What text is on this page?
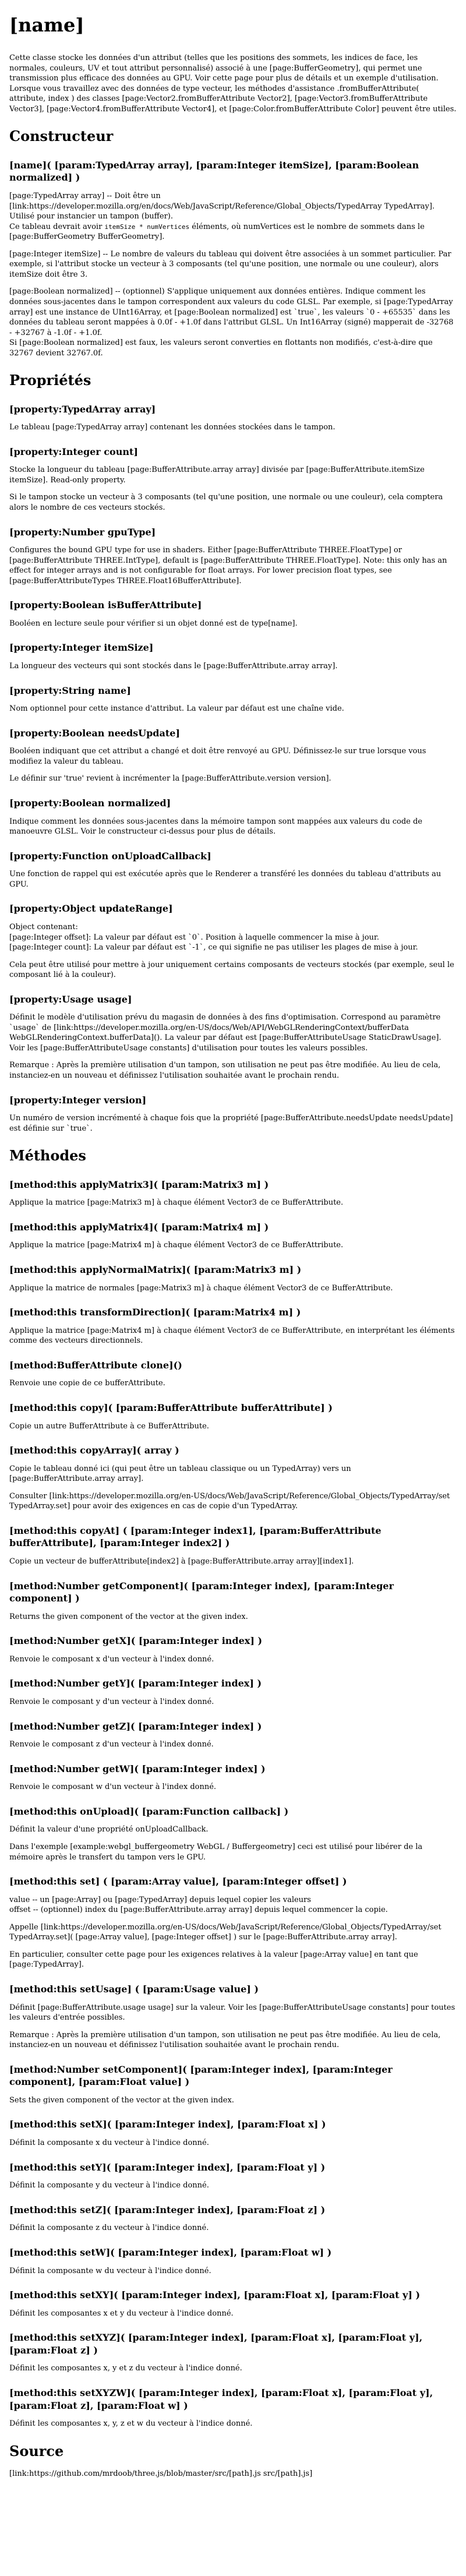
[name]

Cette classe stocke les données d'un attribut (telles que les positions des sommets, les indices de face, les normales, couleurs, UV et tout attribut personnalisé) associé à une [page:BufferGeometry], qui permet une transmission plus efficace des données au GPU. Voir cette page pour plus de détails et un exemple d'utilisation. Lorsque vous travaillez avec des données de type vecteur, les méthodes d'assistance .fromBufferAttribute( attribute, index ) des classes [page:Vector2.fromBufferAttribute Vector2], [page:Vector3.fromBufferAttribute Vector3], [page:Vector4.fromBufferAttribute Vector4], et [page:Color.fromBufferAttribute Color] peuvent être utiles.

Constructeur
[name]( [param:TypedArray array], [param:Integer itemSize], [param:Boolean normalized] )

[page:TypedArray array] -- Doit être un [link:https://developer.mozilla.org/en/docs/Web/JavaScript/Reference/Global_Objects/TypedArray TypedArray]. Utilisé pour instancier un tampon (buffer).
Ce tableau devrait avoir itemSize * numVertices éléments, où numVertices est le nombre de sommets dans le [page:BufferGeometry BufferGeometry].

[page:Integer itemSize] -- Le nombre de valeurs du tableau qui doivent être associées à un sommet particulier. Par exemple, si l'attribut stocke un vecteur à 3 composants (tel qu'une position, une normale ou une couleur), alors itemSize doit être 3.

[page:Boolean normalized] -- (optionnel) S'applique uniquement aux données entières. Indique comment les données sous-jacentes dans le tampon correspondent aux valeurs du code GLSL. Par exemple, si [page:TypedArray array] est une instance de UInt16Array, et [page:Boolean normalized] est `true`, les valeurs `0 - +65535` dans les données du tableau seront mappées à 0.0f - +1.0f dans l'attribut GLSL. Un Int16Array (signé) mapperait de -32768 - +32767 à -1.0f - +1.0f.
Si [page:Boolean normalized] est faux, les valeurs seront converties en flottants non modifiés, c'est-à-dire que 32767 devient 32767.0f.

Propriétés
[property:TypedArray array]

Le tableau [page:TypedArray array] contenant les données stockées dans le tampon.

[property:Integer count]

Stocke la longueur du tableau [page:BufferAttribute.array array] divisée par [page:BufferAttribute.itemSize itemSize]. Read-only property.

Si le tampon stocke un vecteur à 3 composants (tel qu'une position, une normale ou une couleur), cela comptera alors le nombre de ces vecteurs stockés.

[property:Number gpuType]

Configures the bound GPU type for use in shaders. Either [page:BufferAttribute THREE.FloatType] or [page:BufferAttribute THREE.IntType], default is [page:BufferAttribute THREE.FloatType]. Note: this only has an effect for integer arrays and is not configurable for float arrays. For lower precision float types, see [page:BufferAttributeTypes THREE.Float16BufferAttribute].

[property:Boolean isBufferAttribute]

Booléen en lecture seule pour vérifier si un objet donné est de type[name].

[property:Integer itemSize]

La longueur des vecteurs qui sont stockés dans le [page:BufferAttribute.array array].

[property:String name]

Nom optionnel pour cette instance d'attribut. La valeur par défaut est une chaîne vide.

[property:Boolean needsUpdate]

Booléen indiquant que cet attribut a changé et doit être renvoyé au GPU. Définissez-le sur true lorsque vous modifiez la valeur du tableau.

Le définir sur 'true' revient à incrémenter la [page:BufferAttribute.version version].

[property:Boolean normalized]

Indique comment les données sous-jacentes dans la mémoire tampon sont mappées aux valeurs du code de manoeuvre GLSL. Voir le constructeur ci-dessus pour plus de détails.

[property:Function onUploadCallback]

Une fonction de rappel qui est exécutée après que le Renderer a transféré les données du tableau d'attributs au GPU.

[property:Object updateRange]

Object contenant:
[page:Integer offset]: La valeur par défaut est `0`. Position à laquelle commencer la mise à jour.
[page:Integer count]: La valeur par défaut est `-1`, ce qui signifie ne pas utiliser les plages de mise à jour.

Cela peut être utilisé pour mettre à jour uniquement certains composants de vecteurs stockés (par exemple, seul le composant lié à la couleur).

[property:Usage usage]

Définit le modèle d'utilisation prévu du magasin de données à des fins d'optimisation. Correspond au paramètre `usage` de [link:https://developer.mozilla.org/en-US/docs/Web/API/WebGLRenderingContext/bufferData WebGLRenderingContext.bufferData](). La valeur par défaut est [page:BufferAttributeUsage StaticDrawUsage]. Voir les [page:BufferAttributeUsage constants] d'utilisation pour toutes les valeurs possibles.

Remarque : Après la première utilisation d'un tampon, son utilisation ne peut pas être modifiée. Au lieu de cela, instanciez-en un nouveau et définissez l'utilisation souhaitée avant le prochain rendu.

[property:Integer version]

Un numéro de version incrémenté à chaque fois que la propriété [page:BufferAttribute.needsUpdate needsUpdate] est définie sur `true`.

Méthodes
[method:this applyMatrix3]( [param:Matrix3 m] )

Applique la matrice [page:Matrix3 m] à chaque élément Vector3 de ce BufferAttribute.

[method:this applyMatrix4]( [param:Matrix4 m] )

Applique la matrice [page:Matrix4 m] à chaque élément Vector3 de ce BufferAttribute.

[method:this applyNormalMatrix]( [param:Matrix3 m] )

Applique la matrice de normales [page:Matrix3 m] à chaque élément Vector3 de ce BufferAttribute.

[method:this transformDirection]( [param:Matrix4 m] )

Applique la matrice [page:Matrix4 m] à chaque élément Vector3 de ce BufferAttribute, en interprétant les éléments comme des vecteurs directionnels.

[method:BufferAttribute clone]()

Renvoie une copie de ce bufferAttribute.

[method:this copy]( [param:BufferAttribute bufferAttribute] )

Copie un autre BufferAttribute à ce BufferAttribute.

[method:this copyArray]( array )

Copie le tableau donné ici (qui peut être un tableau classique ou un TypedArray) vers un [page:BufferAttribute.array array].

Consulter [link:https://developer.mozilla.org/en-US/docs/Web/JavaScript/Reference/Global_Objects/TypedArray/set TypedArray.set] pour avoir des exigences en cas de copie d'un TypedArray.

[method:this copyAt] ( [param:Integer index1], [param:BufferAttribute bufferAttribute], [param:Integer index2] )

Copie un vecteur de bufferAttribute[index2] à [page:BufferAttribute.array array][index1].

[method:Number getComponent]( [param:Integer index], [param:Integer component] )

Returns the given component of the vector at the given index.

[method:Number getX]( [param:Integer index] )

Renvoie le composant x d'un vecteur à l'index donné.

[method:Number getY]( [param:Integer index] )

Renvoie le composant y d'un vecteur à l'index donné.

[method:Number getZ]( [param:Integer index] )

Renvoie le composant z d'un vecteur à l'index donné.

[method:Number getW]( [param:Integer index] )

Renvoie le composant w d'un vecteur à l'index donné.

[method:this onUpload]( [param:Function callback] )

Définit la valeur d'une propriété onUploadCallback.

Dans l'exemple [example:webgl_buffergeometry WebGL / Buffergeometry] ceci est utilisé pour libérer de la mémoire après le transfert du tampon vers le GPU.

[method:this set] ( [param:Array value], [param:Integer offset] )

value -- un [page:Array] ou [page:TypedArray] depuis lequel copier les valeurs
offset -- (optionnel) index du [page:BufferAttribute.array array] depuis lequel commencer la copie.

Appelle [link:https://developer.mozilla.org/en-US/docs/Web/JavaScript/Reference/Global_Objects/TypedArray/set TypedArray.set]( [page:Array value], [page:Integer offset] ) sur le [page:BufferAttribute.array array].

En particulier, consulter cette page pour les exigences relatives à la valeur [page:Array value] en tant que [page:TypedArray].

[method:this setUsage] ( [param:Usage value] )

Définit [page:BufferAttribute.usage usage] sur la valeur. Voir les [page:BufferAttributeUsage constants] pour toutes les valeurs d'entrée possibles.

Remarque : Après la première utilisation d'un tampon, son utilisation ne peut pas être modifiée. Au lieu de cela, instanciez-en un nouveau et définissez l'utilisation souhaitée avant le prochain rendu.

[method:Number setComponent]( [param:Integer index], [param:Integer component], [param:Float value] )

Sets the given component of the vector at the given index.

[method:this setX]( [param:Integer index], [param:Float x] )

Définit la composante x du vecteur à l'indice donné.

[method:this setY]( [param:Integer index], [param:Float y] )

Définit la composante y du vecteur à l'indice donné.

[method:this setZ]( [param:Integer index], [param:Float z] )

Définit la composante z du vecteur à l'indice donné.

[method:this setW]( [param:Integer index], [param:Float w] )

Définit la composante w du vecteur à l'indice donné.

[method:this setXY]( [param:Integer index], [param:Float x], [param:Float y] )

Définit les composantes x et y du vecteur à l'indice donné.

[method:this setXYZ]( [param:Integer index], [param:Float x], [param:Float y], [param:Float z] )

Définit les composantes x, y et z du vecteur à l'indice donné.

[method:this setXYZW]( [param:Integer index], [param:Float x], [param:Float y], [param:Float z], [param:Float w] )

Définit les composantes x, y, z et w du vecteur à l'indice donné.

Source

[link:https://github.com/mrdoob/three.js/blob/master/src/[path].js src/[path].js]
